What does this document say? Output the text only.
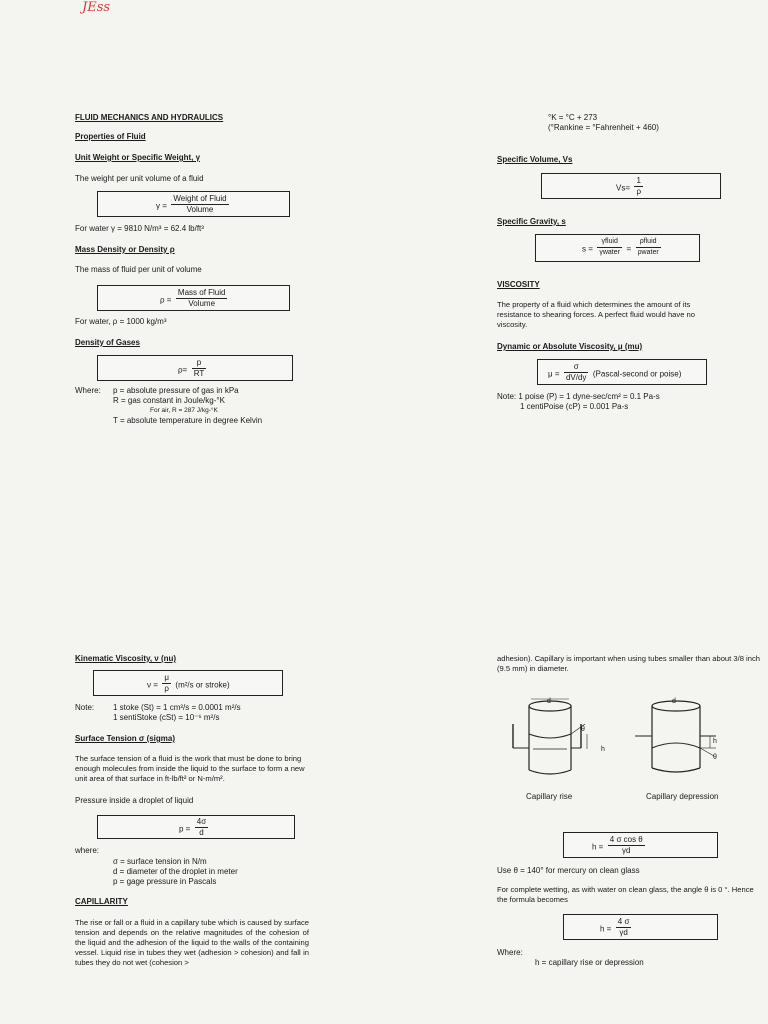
JEss
FLUID MECHANICS AND HYDRAULICS
Properties of Fluid
Unit Weight or Specific Weight, γ
The weight per unit volume of a fluid
$\gamma = \frac{\text{Weight of Fluid}}{\text{Volume}}$
For water γ = 9810 N/m³ = 62.4 lb/ft³
Mass Density or Density ρ
The mass of fluid per unit of volume
$\rho = \frac{\text{Mass of Fluid}}{\text{Volume}}$
For water, ρ = 1000 kg/m³
Density of Gases
$\rho= \frac{p}{RT}$
Where: p = absolute pressure of gas in kPa
R = gas constant in Joule/kg-°K
For air, R = 287 J/kg-°K
T = absolute temperature in degree Kelvin
°K = °C + 273
(°Rankine = °Fahrenheit + 460)
Specific Volume, Vs
$Vs= \frac{1}{\rho}$
Specific Gravity, s
$s = \frac{\text{γfluid}}{\text{γwater}} = \frac{\text{ρfluid}}{\text{ρwater}}$
VISCOSITY
The property of a fluid which determines the amount of its resistance to shearing forces. A perfect fluid would have no viscosity.
Dynamic or Absolute Viscosity, μ (mu)
$\mu = \frac{\sigma}{dV/dy}$ (Pascal-second or poise)
Note: 1 poise (P) = 1 dyne-sec/cm² = 0.1 Pa-s
1 centiPoise (cP) = 0.001 Pa-s
Kinematic Viscosity, ν (nu)
$\nu = \frac{\mu}{\rho} (m^2/s$ or stroke)
Note: 1 stoke (St) = 1 cm²/s = 0.0001 m²/s
1 sentiStoke (cSt) = 10⁻⁶ m²/s
Surface Tension σ (sigma)
The surface tension of a fluid is the work that must be done to bring enough molecules from inside the liquid to the surface to form a new unit area of that surface in ft-lb/ft² or N-m/m².
Pressure inside a droplet of liquid
$p = \frac{4\sigma}{d}$
where:
σ = surface tension in N/m
d = diameter of the droplet in meter
p = gage pressure in Pascals
CAPILLARITY
The rise or fall or a fluid in a capillary tube which is caused by surface tension and depends on the relative magnitudes of the cohesion of the liquid and the adhesion of the liquid to the walls of the containing vessel. Liquid rise in tubes they wet (adhesion > cohesion) and fall in tubes they do not wet (cohesion >
adhesion). Capillary is important when using tubes smaller than about 3/8 inch (9.5 mm) in diameter.
d
θ
h
d
h
θ
Capillary rise	Capillary depression
$h = \frac{\text{4 σ cos θ}}{\gamma d}$
Use θ = 140° for mercury on clean glass
For complete wetting, as with water on clean glass, the angle θ is 0 °. Hence the formula becomes
$h = \frac{4 \sigma}{\gamma d}$
Where:
h = capillary rise or depression
